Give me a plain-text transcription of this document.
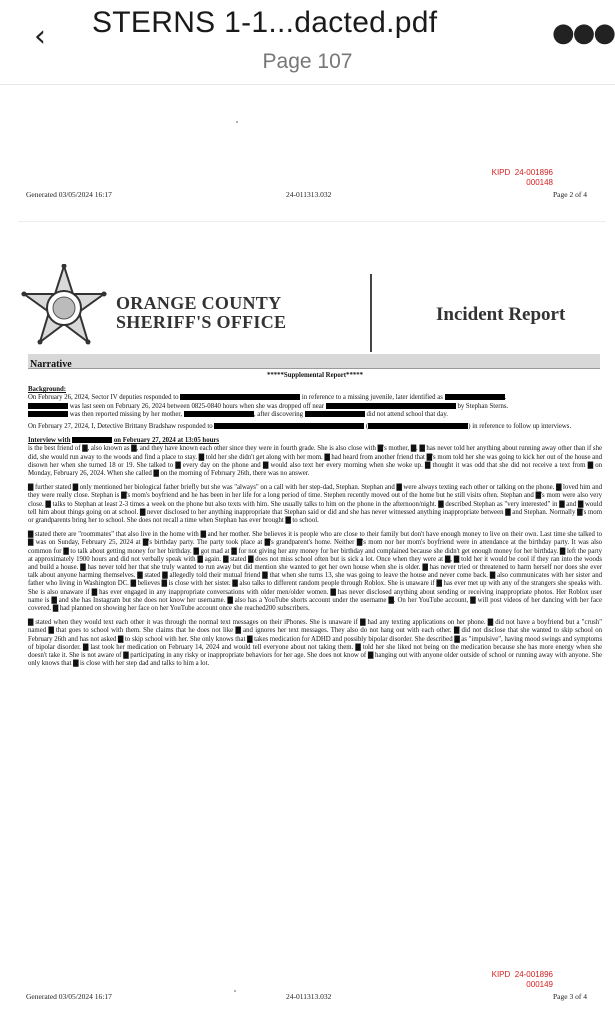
‹ STERNS 1-1...dacted.pdf
Page 107
●●●
KIPD  24-001896
000148
Generated 03/05/2024 16:17	24-011313.032	Page 2 of 4
ORANGE COUNTY
SHERIFF'S OFFICE	Incident Report
Narrative
*****Supplemental Report*****

Background:
On February 26, 2024, Sector IV deputies responded to	in reference to a missing juvenile, later identified as	.
was last seen on February 26, 2024 between 0825-0840 hours when she was dropped off near	by Stephan Sterns.
was then reported missing by her mother,	, after discovering	did not attend school that day.

On February 27, 2024, I, Detective Brittany Bradshaw responded to	(	) in reference to follow up interviews.

Interview with	on February 27, 2024 at 13:05 hours

is the best friend of ▇, also known as ▇, and they have known each other since they were in fourth grade. She is also close with ▇'s mother, ▇. ▇ has never told her anything about running away other than if she did, she would run away to the woods and find a place to stay. ▇ told her she didn't get along with her mom. ▇ had heard from another friend that ▇'s mom told her she was going to kick her out of the house and disown her when she turned 18 or 19. She talked to ▇ every day on the phone and ▇ would also text her every morning when she woke up. ▇ thought it was odd that she did not receive a text from ▇ on Monday, February 26, 2024. When she called ▇ on the morning of February 26th, there was no answer.

▇ further stated ▇ only mentioned her biological father briefly but she was "always" on a call with her step-dad, Stephan. Stephan and ▇ were always texting each other or talking on the phone. ▇ loved him and they were really close. Stephan is ▇'s mom's boyfriend and he has been in her life for a long period of time. Stephen recently moved out of the home but he still visits often. Stephan and ▇'s mom were also very close. ▇ talks to Stephan at least 2-3 times a week on the phone but also texts with him. She usually talks to him on the phone in the afternoon/night. ▇ described Stephan as "very interested" in ▇ and ▇ would tell him about things going on at school. ▇ never disclosed to her anything inappropriate that Stephan said or did and she has never witnessed anything inappropriate between ▇ and Stephan. Normally ▇'s mom or grandparents bring her to school. She does not recall a time when Stephan has ever brought ▇ to school.

▇ stated there are "roommates" that also live in the home with ▇ and her mother. She believes it is people who are close to their family but don't have enough money to live on their own. Last time she talked to ▇ was on Sunday, February 25, 2024 at ▇'s birthday party. The party took place at ▇'s grandparent's home. Neither ▇'s mom nor her mom's boyfriend were in attendance at the birthday party. It was also common for ▇ to talk about getting money for her birthday. ▇ got mad at ▇ for not giving her any money for her birthday and complained because she didn't get enough money for her birthday. ▇ left the party at approximately 1900 hours and did not verbally speak with ▇ again. ▇ stated ▇ does not miss school often but is sick a lot. Once when they were at ▇, ▇ told her it would be cool if they ran into the woods and build a house. ▇ has never told her that she truly wanted to run away but did mention she wanted to get her own house when she is older. ▇ has never tried or threatened to harm herself nor does she ever talk about anyone harming themselves. ▇ stated ▇ allegedly told their mutual friend ▇ that when she turns 13, she was going to leave the house and never come back. ▇ also communicates with her sister and father who living in Washington DC. ▇ believes ▇ is close with her sister. ▇ also talks to different random people through Roblox. She is unaware if ▇ has ever met up with any of the strangers she speaks with. She is also unaware if ▇ has ever engaged in any inappropriate conversations with older men/older women. ▇ has never disclosed anything about sending or receiving inappropriate photos. Her Roblox user name is ▇ and she has Instagram but she does not know her username. ▇ also has a YouTube shorts account under the username ▇. On her YouTube account, ▇ will post videos of her dancing with her face covered. ▇ had planned on showing her face on her YouTube account once she reached200 subscribers.

▇ stated when they would text each other it was through the normal text messages on their iPhones. She is unaware if ▇ had any texting applications on her phone. ▇ did not have a boyfriend but a "crush" named ▇ that goes to school with them. She claims that he does not like ▇ and ignores her text messages. They also do not hang out with each other. ▇ did not disclose that she wanted to skip school on February 26th and has not asked ▇ to skip school with her. She only knows that ▇ takes medication for ADHD and possibly bipolar disorder. She described ▇ as "impulsive", having mood swings and symptoms of bipolar disorder. ▇ last took her medication on February 14, 2024 and would tell everyone about not taking them. ▇ told her she liked not being on the medication because she has more energy when she doesn't take it. She is not aware of ▇ participating in any risky or inappropriate behaviors for her age. She does not know of ▇ hanging out with anyone older outside of school or running away with anyone. She only knows that ▇ is close with her step dad and talks to him a lot.

KIPD  24-001896
000149
Generated 03/05/2024 16:17	24-011313.032	Page 3 of 4
